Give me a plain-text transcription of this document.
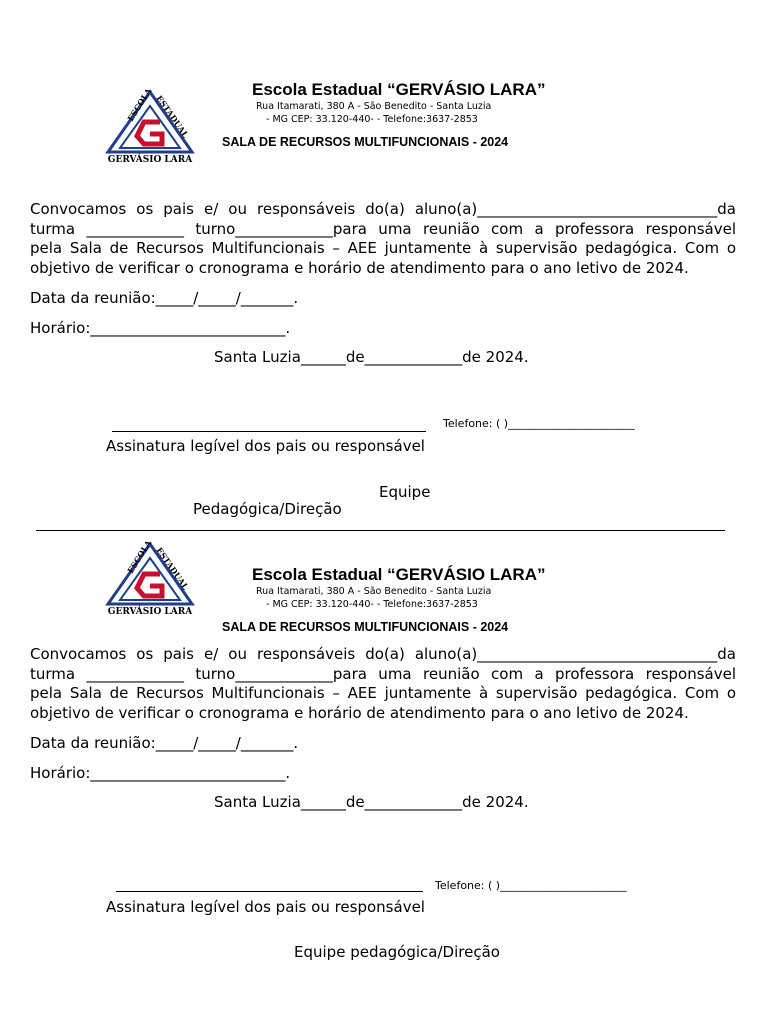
ESCOLA ESTADUAL
GERVÁSIO LARA
Escola Estadual “GERVÁSIO LARA”
Rua Itamarati, 380 A - São Benedito - Santa Luzia
- MG CEP: 33.120-440- - Telefone:3637-2853
SALA DE RECURSOS MULTIFUNCIONAIS - 2024
Convocamos os pais e/ ou responsáveis do(a) aluno(a)________________________________da
turma _____________ turno_____________para uma reunião com a professora responsável
pela Sala de Recursos Multifuncionais – AEE juntamente à supervisão pedagógica. Com o
objetivo de verificar o cronograma e horário de atendimento para o ano letivo de 2024.
Data da reunião:_____/_____/_______.
Horário:__________________________.
Santa Luzia______de_____________de 2024.
Telefone: ( )_______________________
Assinatura legível dos pais ou responsável
Equipe
Pedagógica/Direção
ESCOLA ESTADUAL
GERVÁSIO LARA
Escola Estadual “GERVÁSIO LARA”
Rua Itamarati, 380 A - São Benedito - Santa Luzia
- MG CEP: 33.120-440- - Telefone:3637-2853
SALA DE RECURSOS MULTIFUNCIONAIS - 2024
Convocamos os pais e/ ou responsáveis do(a) aluno(a)________________________________da
turma _____________ turno_____________para uma reunião com a professora responsável
pela Sala de Recursos Multifuncionais – AEE juntamente à supervisão pedagógica. Com o
objetivo de verificar o cronograma e horário de atendimento para o ano letivo de 2024.
Data da reunião:_____/_____/_______.
Horário:__________________________.
Santa Luzia______de_____________de 2024.
Telefone: ( )_______________________
Assinatura legível dos pais ou responsável
Equipe pedagógica/Direção
